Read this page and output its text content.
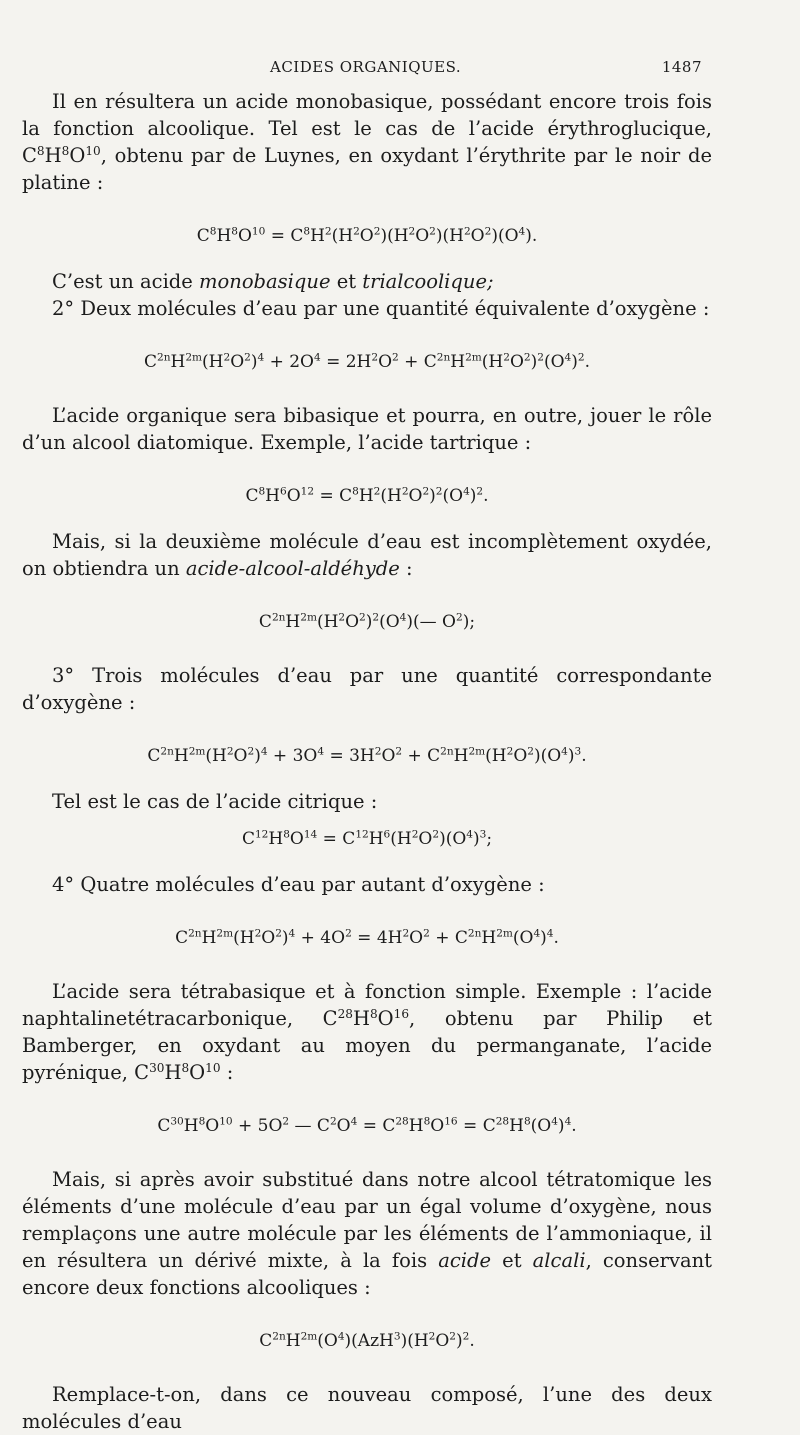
ACIDES ORGANIQUES.	1487

Il en résultera un acide monobasique, possédant encore trois fois la fonction alcoolique. Tel est le cas de l’acide érythroglucique, $C^8H^8O^{10}$, obtenu par de Luynes, en oxydant l’érythrite par le noir de platine :

$C^8H^8O^{10} = C^8H^2(H^2O^2)(H^2O^2)(H^2O^2)(O^4)$.

C’est un acide monobasique et trialcoolique;

2° Deux molécules d’eau par une quantité équivalente d’oxygène :

$C^{2n}H^{2m}(H^2O^2)^4 + 2O^4 = 2H^2O^2 + C^{2n}H^{2m}(H^2O^2)^2(O^4)^2$.

L’acide organique sera bibasique et pourra, en outre, jouer le rôle d’un alcool diatomique. Exemple, l’acide tartrique :

$C^8H^6O^{12} = C^8H^2(H^2O^2)^2(O^4)^2$.

Mais, si la deuxième molécule d’eau est incomplètement oxydée, on obtiendra un acide-alcool-aldéhyde :

$C^{2n}H^{2m}(H^2O^2)^2(O^4)(—$ $O^2$);

3° Trois molécules d’eau par une quantité correspondante d’oxygène :

$C^{2n}H^{2m}(H^2O^2)^4 + 3O^4 = 3H^2O^2 + C^{2n}H^{2m}(H^2O^2)(O^4)^3$.

Tel est le cas de l’acide citrique :

$C^{12}H^8O^{14} = C^{12}H^6(H^2O^2)(O^4)^3$;

4° Quatre molécules d’eau par autant d’oxygène :

$C^{2n}H^{2m}(H^2O^2)^4 + 4O^2 = 4H^2O^2 + C^{2n}H^{2m}(O^4)^4$.

L’acide sera tétrabasique et à fonction simple. Exemple : l’acide naphtalinetétracarbonique, $C^{28}H^8O^{16}$, obtenu par Philip et Bamberger, en oxydant au moyen du permanganate, l’acide pyrénique, $C^{30}H^8O^{10}$ :

$C^{30}H^8O^{10} + 5O^2$ — $C^2O^4 = C^{28}H^8O^{16} = C^{28}H^8(O^4)^4$.

Mais, si après avoir substitué dans notre alcool tétratomique les éléments d’une molécule d’eau par un égal volume d’oxygène, nous remplaçons une autre molécule par les éléments de l’ammoniaque, il en résultera un dérivé mixte, à la fois acide et alcali, conservant encore deux fonctions alcooliques :

$C^{2n}H^{2m}(O^4)(AzH^3)(H^2O^2)^2$.

Remplace-t-on, dans ce nouveau composé, l’une des deux molécules d’eau
